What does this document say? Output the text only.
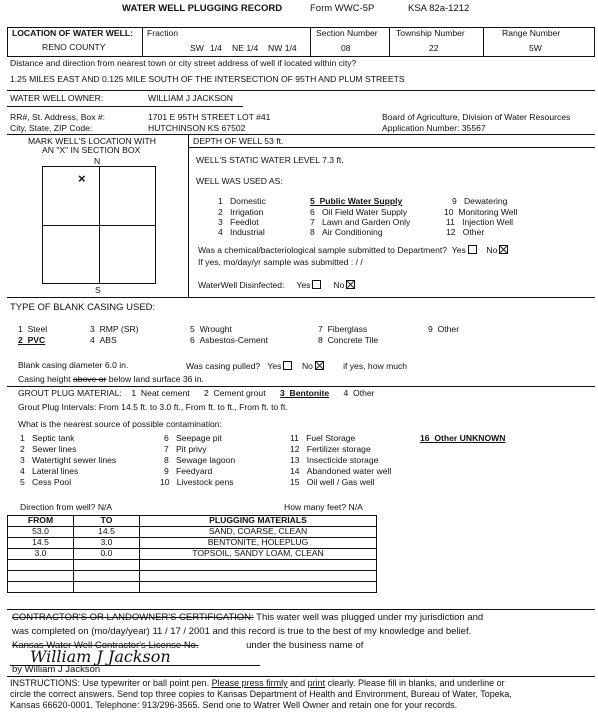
WATER WELL PLUGGING RECORD	Form WWC-5P	KSA 82a-1212
LOCATION OF WATER WELL: Fraction
RENO COUNTY	SW 1/4 NE 1/4 NW 1/4
Section Number
08
Township Number
22
Range Number
5W
Distance and direction from nearest town or city street address of well if located within city?
1.25 MILES EAST AND 0.125 MILE SOUTH OF THE INTERSECTION OF 95TH AND PLUM STREETS
WATER WELL OWNER:	WILLIAM J JACKSON
RR#, St. Address, Box #:	1701 E 95TH STREET LOT #41
City, State, ZIP Code:	HUTCHINSON KS 67502
Board of Agriculture, Division of Water Resources
Application Number: 35567
MARK WELL'S LOCATION WITH
AN "X" IN SECTION BOX
N
×
S
DEPTH OF WELL 53 ft.
WELL'S STATIC WATER LEVEL 7.3 ft.
WELL WAS USED AS:
1 Domestic
2 Irrigation
3 Feedlot
4 Industrial
5 Public Water Supply
6 Oil Field Water Supply
7 Lawn and Garden Only
8 Air Conditioning
9 Dewatering
10 Monitoring Well
11 Injection Well
12 Other
Was a chemical/bacteriological sample submitted to Department? Yes No
If yes, mo/day/yr sample was submitted : / /
WaterWell Disinfected: Yes	No
TYPE OF BLANK CASING USED:
1 Steel
2 PVC
3 RMP (SR)
4 ABS
5 Wrought
6 Asbestos-Cement
7 Fiberglass
8 Concrete Tile
9 Other
Blank casing diameter 6.0 in.	Was casing pulled? Yes No	if yes, how much
Casing height above or below land surface 36 in.
GROUT PLUG MATERIAL: 1 Neat cement 2 Cement grout 3 Bentonite 4 Other
Grout Plug Intervals: From 14.5 ft. to 3.0 ft., From ft. to ft., From ft. to ft.
What is the nearest source of possible contamination:
1 Septic tank
2 Sewer lines
3 Watertight sewer lines
4 Lateral lines
5 Cess Pool
6 Seepage pit
7 Pit privy
8 Sewage lagoon
9 Feedyard
10 Livestock pens
11 Fuel Storage
12 Fertilizer storage
13 Insecticide storage
14 Abandoned water well
15 Oil well / Gas well
16 Other UNKNOWN
Direction from well? N/A	How many feet? N/A
FROM	TO	PLUGGING MATERIALS
53.0	14.5	SAND, COARSE, CLEAN
14.5	3.0	BENTONITE, HOLEPLUG
3.0	0.0	TOPSOIL, SANDY LOAM, CLEAN

CONTRACTOR'S OR LANDOWNER'S CERTIFICATION: This water well was plugged under my jurisdiction and
was completed on (mo/day/year) 11 / 17 / 2001 and this record is true to the best of my knowledge and belief.
Kansas Water Well Contractor's License No.	under the business name of
William J Jackson
by William J Jackson
INSTRUCTIONS: Use typewriter or ball point pen. Please press firmly and print clearly. Please fill in blanks, and underline or
circle the correct answers. Send top three copies to Kansas Department of Health and Environment, Bureau of Water, Topeka,
Kansas 66620-0001. Telephone: 913/296-3565. Send one to Watrer Well Owner and retain one for your records.
